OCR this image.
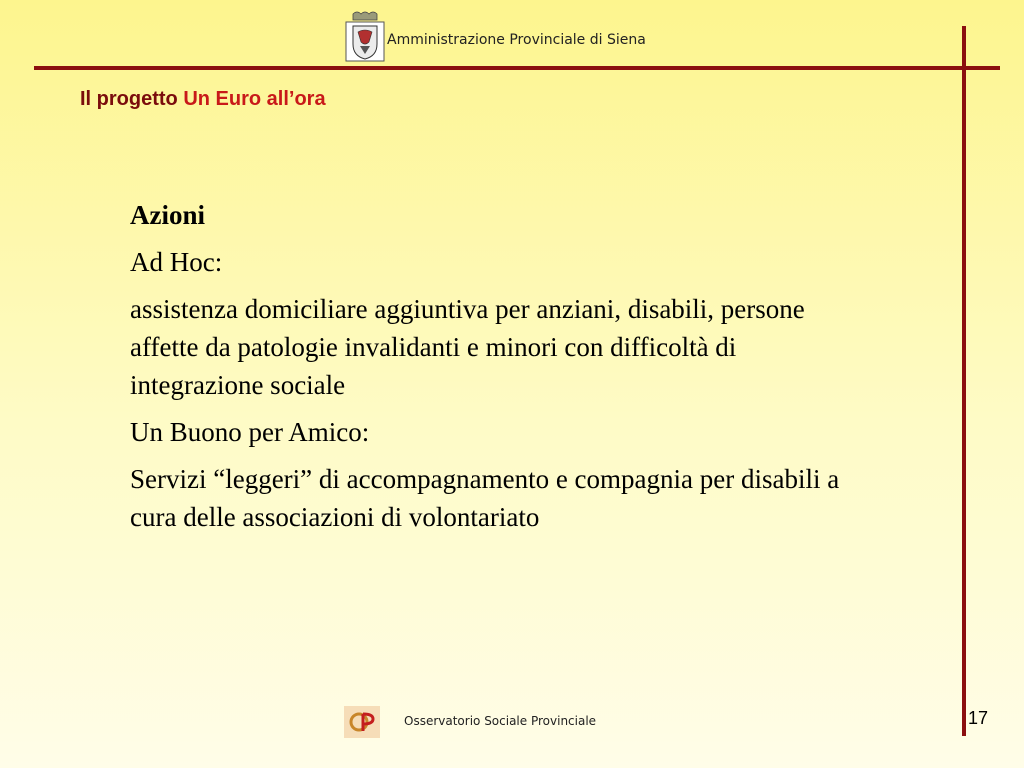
Amministrazione Provinciale di Siena
Il progetto Un Euro all’ora

Azioni

Ad Hoc:

assistenza domiciliare aggiuntiva per anziani, disabili, persone affette da patologie invalidanti e minori con difficoltà di integrazione sociale

Un Buono per Amico:

Servizi “leggeri” di accompagnamento e compagnia per disabili a cura delle associazioni di volontariato

Osservatorio Sociale Provinciale	17
